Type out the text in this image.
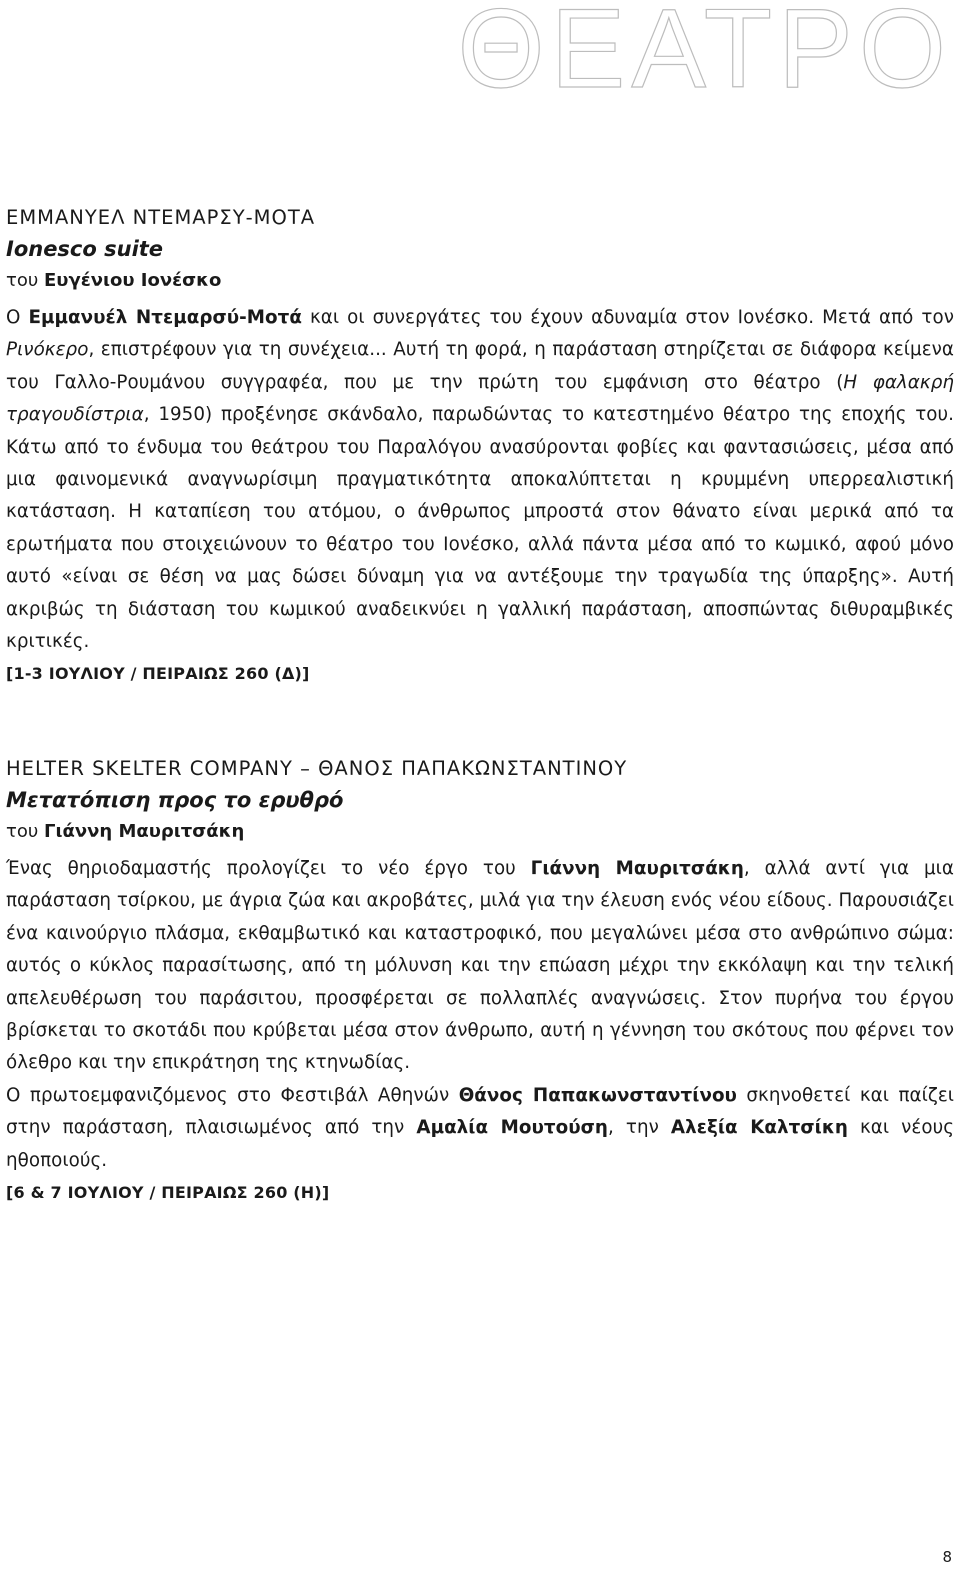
ΘΕΑΤΡΟ

ΕΜΜΑΝΥΕΛ ΝΤΕΜΑΡΣΥ-ΜΟΤΑ

Ionesco suite

του Ευγένιου Ιονέσκο

Ο Εμμανυέλ Ντεμαρσύ-Μοτά και οι συνεργάτες του έχουν αδυναμία στον Ιονέσκο. Μετά από τον Ρινόκερο, επιστρέφουν για τη συνέχεια... Αυτή τη φορά, η παράσταση στηρίζεται σε διάφορα κείμενα του Γαλλο-Ρουμάνου συγγραφέα, που με την πρώτη του εμφάνιση στο θέατρο (Η φαλακρή τραγουδίστρια, 1950) προξένησε σκάνδαλο, παρωδώντας το κατεστημένο θέατρο της εποχής του. Κάτω από το ένδυμα του θεάτρου του Παραλόγου ανασύρονται φοβίες και φαντασιώσεις, μέσα από μια φαινομενικά αναγνωρίσιμη πραγματικότητα αποκαλύπτεται η κρυμμένη υπερρεαλιστική κατάσταση. Η καταπίεση του ατόμου, ο άνθρωπος μπροστά στον θάνατο είναι μερικά από τα ερωτήματα που στοιχειώνουν το θέατρο του Ιονέσκο, αλλά πάντα μέσα από το κωμικό, αφού μόνο αυτό «είναι σε θέση να μας δώσει δύναμη για να αντέξουμε την τραγωδία της ύπαρξης». Αυτή ακριβώς τη διάσταση του κωμικού αναδεικνύει η γαλλική παράσταση, αποσπώντας διθυραμβικές κριτικές.

[1-3 ΙΟΥΛΙΟΥ / ΠΕΙΡΑΙΩΣ 260 (Δ)]

HELTER SKELTER COMPANY – ΘΑΝΟΣ ΠΑΠΑΚΩΝΣΤΑΝΤΙΝΟΥ

Μετατόπιση προς το ερυθρό

του Γιάννη Μαυριτσάκη

Ένας θηριοδαμαστής προλογίζει το νέο έργο του Γιάννη Μαυριτσάκη, αλλά αντί για μια παράσταση τσίρκου, με άγρια ζώα και ακροβάτες, μιλά για την έλευση ενός νέου είδους. Παρουσιάζει ένα καινούργιο πλάσμα, εκθαμβωτικό και καταστροφικό, που μεγαλώνει μέσα στο ανθρώπινο σώμα: αυτός ο κύκλος παρασίτωσης, από τη μόλυνση και την επώαση μέχρι την εκκόλαψη και την τελική απελευθέρωση του παράσιτου, προσφέρεται σε πολλαπλές αναγνώσεις. Στον πυρήνα του έργου βρίσκεται το σκοτάδι που κρύβεται μέσα στον άνθρωπο, αυτή η γέννηση του σκότους που φέρνει τον όλεθρο και την επικράτηση της κτηνωδίας.

Ο πρωτοεμφανιζόμενος στο Φεστιβάλ Αθηνών Θάνος Παπακωνσταντίνου σκηνοθετεί και παίζει στην παράσταση, πλαισιωμένος από την Αμαλία Μουτούση, την Αλεξία Καλτσίκη και νέους ηθοποιούς.

[6 & 7 ΙΟΥΛΙΟΥ / ΠΕΙΡΑΙΩΣ 260 (Η)]

8
